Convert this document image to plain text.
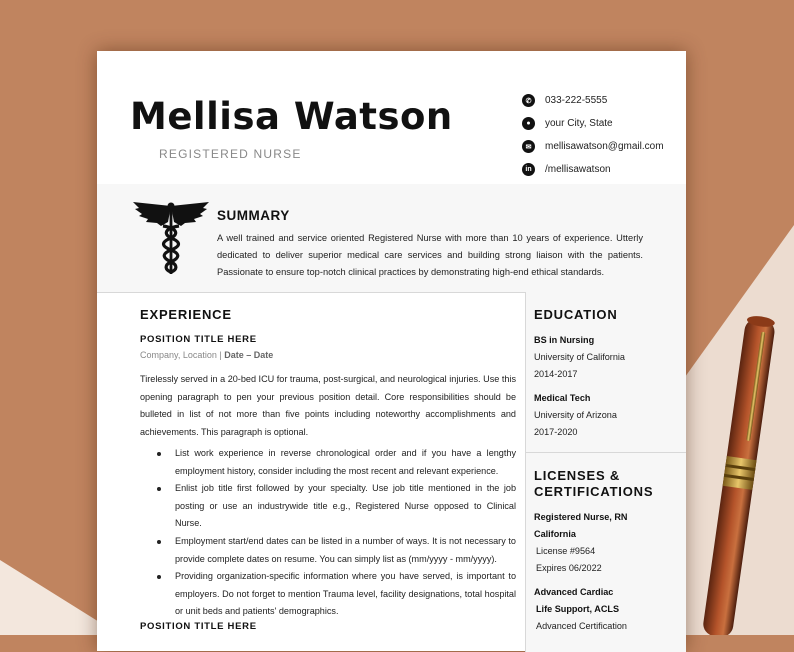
Mellisa Watson
REGISTERED NURSE
✆	033-222-5555
●	your City, State
✉	mellisawatson@gmail.com
in	/mellisawatson
SUMMARY
A well trained and service oriented Registered Nurse with more than 10 years of experience. Utterly dedicated to deliver superior medical care services and building strong liaison with the patients. Passionate to ensure top-notch clinical practices by demonstrating high-end ethical standards.
EXPERIENCE
POSITION TITLE HERE
Company, Location | Date – Date
Tirelessly served in a 20-bed ICU for trauma, post-surgical, and neurological injuries. Use this opening paragraph to pen your previous position detail. Core responsibilities should be bulleted in list of not more than five points including noteworthy accomplishments and achievements. This paragraph is optional.
List work experience in reverse chronological order and if you have a lengthy employment history, consider including the most recent and relevant experience.
Enlist job title first followed by your specialty. Use job title mentioned in the job posting or use an industrywide title e.g., Registered Nurse opposed to Clinical Nurse.
Employment start/end dates can be listed in a number of ways. It is not necessary to provide complete dates on resume. You can simply list as (mm/yyyy - mm/yyyy).
Providing organization-specific information where you have served, is important to employers. Do not forget to mention Trauma level, facility designations, total hospital or unit beds and patients' demographics.
POSITION TITLE HERE
EDUCATION
BS in Nursing
University of California
2014-2017
Medical Tech
University of Arizona
2017-2020
LICENSES &
CERTIFICATIONS
Registered Nurse, RN
California
License #9564
Expires 06/2022
Advanced Cardiac
Life Support, ACLS
Advanced Certification
